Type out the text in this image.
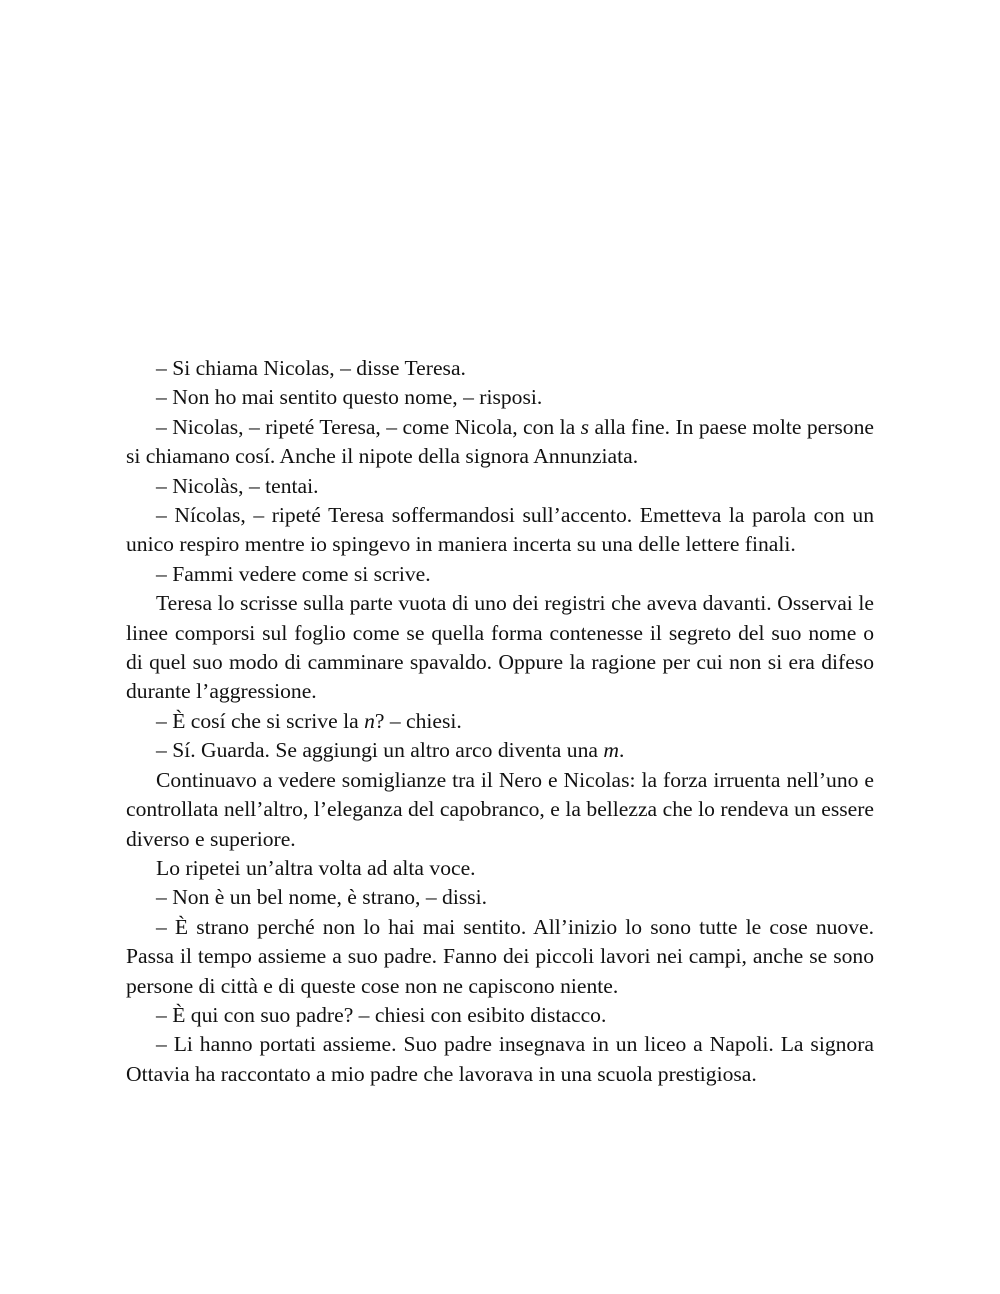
– Si chiama Nicolas, – disse Teresa.

– Non ho mai sentito questo nome, – risposi.

– Nicolas, – ripeté Teresa, – come Nicola, con la s alla fine. In paese molte persone si chiamano cosí. Anche il nipote della signora Annunziata.

– Nicolàs, – tentai.

– Nícolas, – ripeté Teresa soffermandosi sull’accento. Emetteva la parola con un unico respiro mentre io spingevo in maniera incerta su una delle lettere finali.

– Fammi vedere come si scrive.

Teresa lo scrisse sulla parte vuota di uno dei registri che aveva davanti. Osservai le linee comporsi sul foglio come se quella forma contenesse il segreto del suo nome o di quel suo modo di camminare spavaldo. Oppure la ragione per cui non si era difeso durante l’aggressione.

– È cosí che si scrive la n? – chiesi.

– Sí. Guarda. Se aggiungi un altro arco diventa una m.

Continuavo a vedere somiglianze tra il Nero e Nicolas: la forza irruenta nell’uno e controllata nell’altro, l’eleganza del capobranco, e la bellezza che lo rendeva un essere diverso e superiore.

Lo ripetei un’altra volta ad alta voce.

– Non è un bel nome, è strano, – dissi.

– È strano perché non lo hai mai sentito. All’inizio lo sono tutte le cose nuove. Passa il tempo assieme a suo padre. Fanno dei piccoli lavori nei campi, anche se sono persone di città e di queste cose non ne capiscono niente.

– È qui con suo padre? – chiesi con esibito distacco.

– Li hanno portati assieme. Suo padre insegnava in un liceo a Napoli. La signora Ottavia ha raccontato a mio padre che lavorava in una scuola prestigiosa.
